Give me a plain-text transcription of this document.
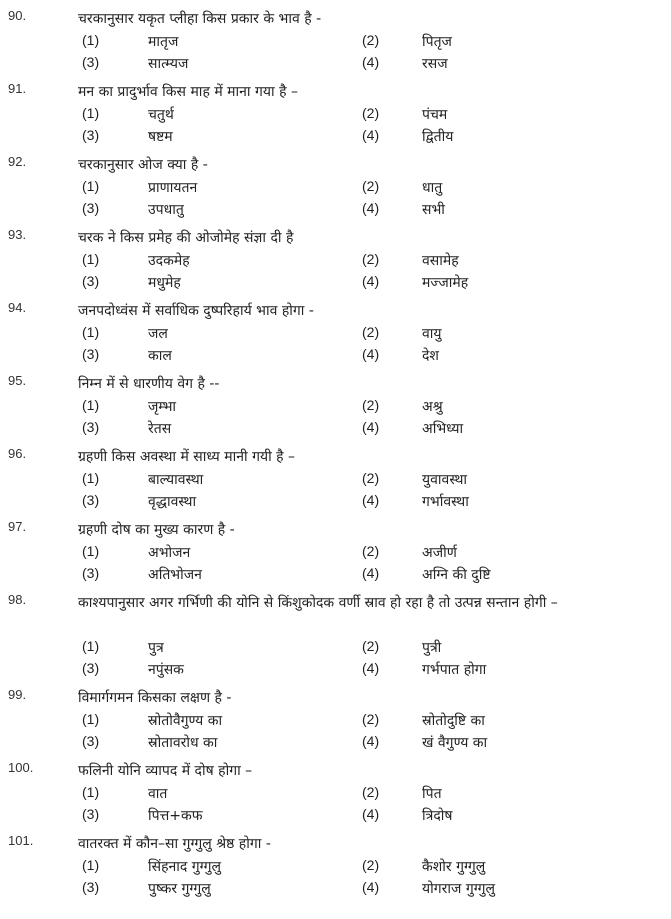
90.	चरकानुसार यकृत प्लीहा किस प्रकार के भाव है -
(1)	मातृज	(2)	पितृज
(3)	सात्म्यज	(4)	रसज
91.	मन का प्रादुर्भाव किस माह में माना गया है –
(1)	चतुर्थ	(2)	पंचम
(3)	षष्टम	(4)	द्वितीय
92.	चरकानुसार ओज क्या है -
(1)	प्राणायतन	(2)	धातु
(3)	उपधातु	(4)	सभी
93.	चरक ने किस प्रमेह की ओजोमेह संज्ञा दी है
(1)	उदकमेह	(2)	वसामेह
(3)	मधुमेह	(4)	मज्जामेह
94.	जनपदोध्वंस में सर्वाधिक दुष्परिहार्य भाव होगा -
(1)	जल	(2)	वायु
(3)	काल	(4)	देश
95.	निम्न में से धारणीय वेग है --
(1)	जृम्भा	(2)	अश्रु
(3)	रेतस	(4)	अभिध्या
96.	ग्रहणी किस अवस्था में साध्य मानी गयी है –
(1)	बाल्यावस्था	(2)	युवावस्था
(3)	वृद्धावस्था	(4)	गर्भावस्था
97.	ग्रहणी दोष का मुख्य कारण है -
(1)	अभोजन	(2)	अजीर्ण
(3)	अतिभोजन	(4)	अग्नि की दुष्टि
98.	काश्यपानुसार अगर गर्भिणी की योनि से किंशुकोदक वर्णी स्राव हो रहा है तो उत्पन्न सन्तान होगी –
(1)	पुत्र	(2)	पुत्री
(3)	नपुंसक	(4)	गर्भपात होगा
99.	विमार्गगमन किसका लक्षण है -
(1)	स्रोतोवैगुण्य का	(2)	स्रोतोदुष्टि का
(3)	स्रोतावरोध का	(4)	खं वैगुण्य का
100.	फलिनी योनि व्यापद में दोष होगा –
(1)	वात	(2)	पित
(3)	पित्त+कफ	(4)	त्रिदोष
101.	वातरक्त में कौन–सा गुग्गुलु श्रेष्ठ होगा -
(1)	सिंहनाद गुग्गुलु	(2)	कैशोर गुग्गुलु
(3)	पुष्कर गुग्गुलु	(4)	योगराज गुग्गुलु
